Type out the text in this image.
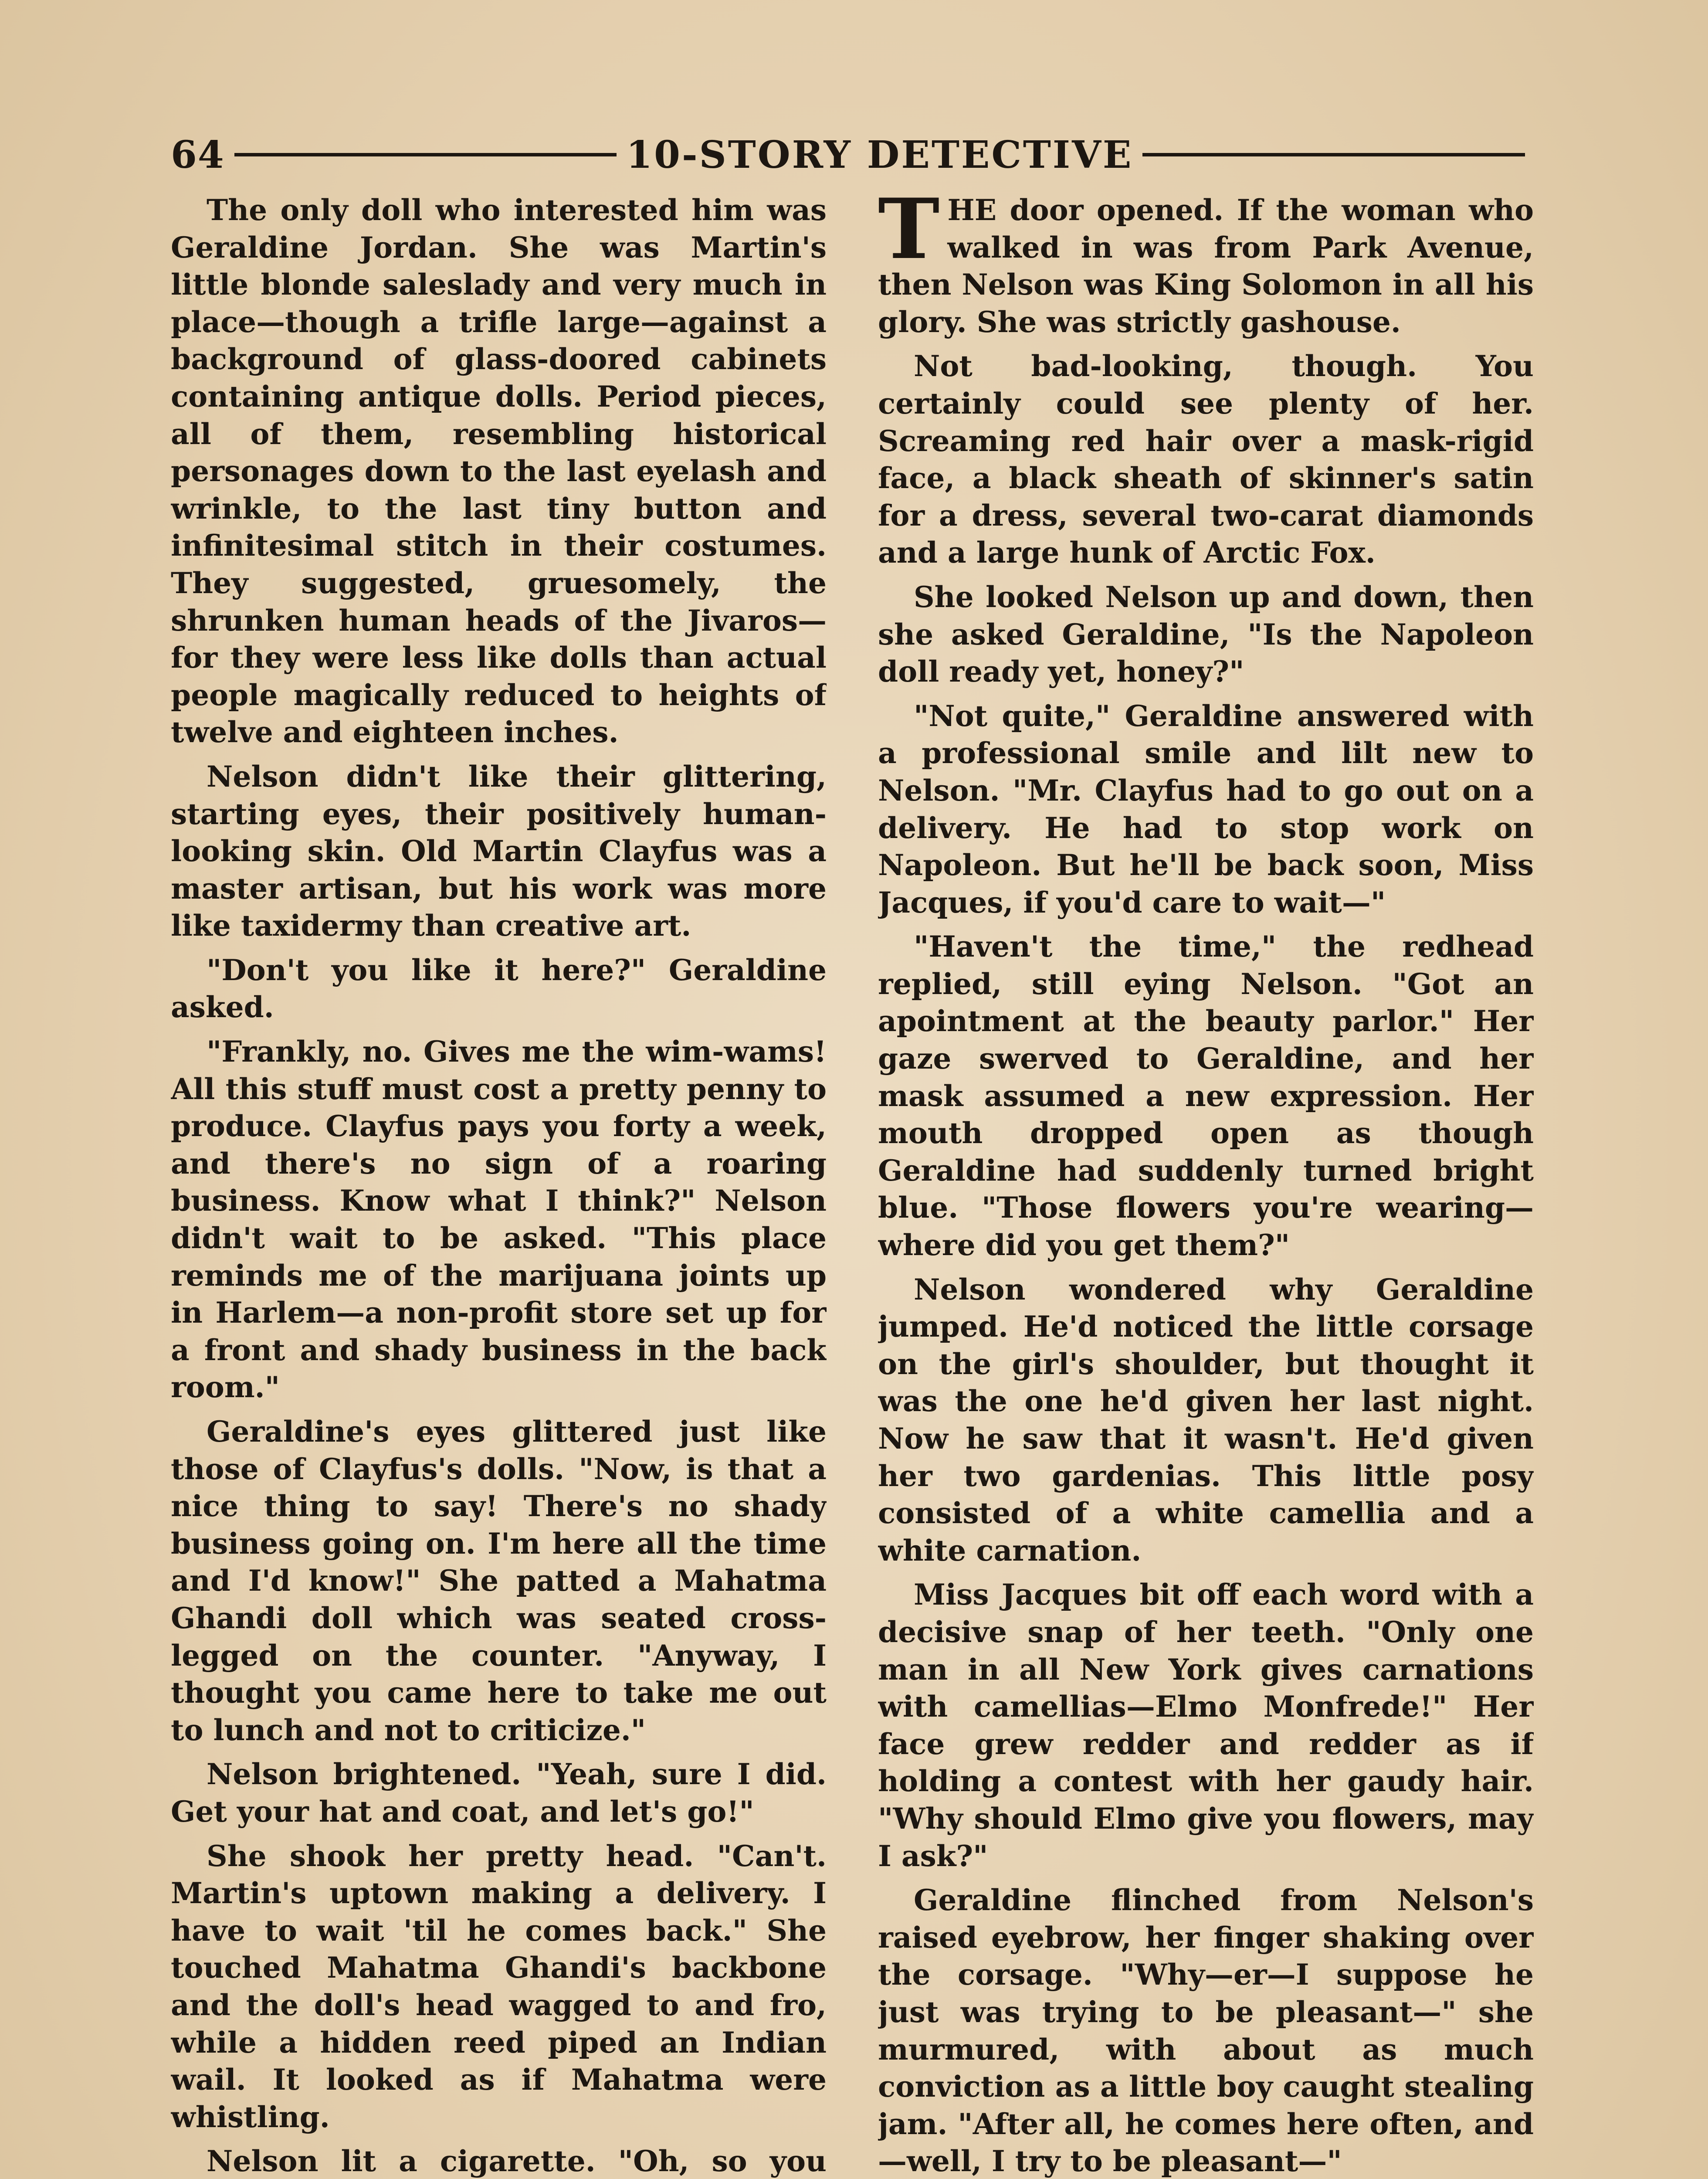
64	10-STORY DETECTIVE

The only doll who interested him was Geraldine Jordan. She was Martin's little blonde saleslady and very much in place—though a trifle large—against a background of glass-doored cabinets containing antique dolls. Period pieces, all of them, resembling historical personages down to the last eyelash and wrinkle, to the last tiny button and infinitesimal stitch in their costumes. They suggested, gruesomely, the shrunken human heads of the Jivaros—for they were less like dolls than actual people magically reduced to heights of twelve and eighteen inches.

Nelson didn't like their glittering, starting eyes, their positively human-looking skin. Old Martin Clayfus was a master artisan, but his work was more like taxidermy than creative art.

"Don't you like it here?" Geraldine asked.

"Frankly, no. Gives me the wim-wams! All this stuff must cost a pretty penny to produce. Clayfus pays you forty a week, and there's no sign of a roaring business. Know what I think?" Nelson didn't wait to be asked. "This place reminds me of the marijuana joints up in Harlem—a non-profit store set up for a front and shady business in the back room."

Geraldine's eyes glittered just like those of Clayfus's dolls. "Now, is that a nice thing to say! There's no shady business going on. I'm here all the time and I'd know!" She patted a Mahatma Ghandi doll which was seated cross-legged on the counter. "Anyway, I thought you came here to take me out to lunch and not to criticize."

Nelson brightened. "Yeah, sure I did. Get your hat and coat, and let's go!"

She shook her pretty head. "Can't. Martin's uptown making a delivery. I have to wait 'til he comes back." She touched Mahatma Ghandi's backbone and the doll's head wagged to and fro, while a hidden reed piped an Indian wail. It looked as if Mahatma were whistling.

Nelson lit a cigarette. "Oh, so you

THE door opened. If the woman who walked in was from Park Avenue, then Nelson was King Solomon in all his glory. She was strictly gashouse.

Not bad-looking, though. You certainly could see plenty of her. Screaming red hair over a mask-rigid face, a black sheath of skinner's satin for a dress, several two-carat diamonds and a large hunk of Arctic Fox.

She looked Nelson up and down, then she asked Geraldine, "Is the Napoleon doll ready yet, honey?"

"Not quite," Geraldine answered with a professional smile and lilt new to Nelson. "Mr. Clayfus had to go out on a delivery. He had to stop work on Napoleon. But he'll be back soon, Miss Jacques, if you'd care to wait—"

"Haven't the time," the redhead replied, still eying Nelson. "Got an apointment at the beauty parlor." Her gaze swerved to Geraldine, and her mask assumed a new expression. Her mouth dropped open as though Geraldine had suddenly turned bright blue. "Those flowers you're wearing—where did you get them?"

Nelson wondered why Geraldine jumped. He'd noticed the little corsage on the girl's shoulder, but thought it was the one he'd given her last night. Now he saw that it wasn't. He'd given her two gardenias. This little posy consisted of a white camellia and a white carnation.

Miss Jacques bit off each word with a decisive snap of her teeth. "Only one man in all New York gives carnations with camellias—Elmo Monfrede!" Her face grew redder and redder as if holding a contest with her gaudy hair. "Why should Elmo give you flowers, may I ask?"

Geraldine flinched from Nelson's raised eyebrow, her finger shaking over the corsage. "Why—er—I suppose he just was trying to be pleasant—" she murmured, with about as much conviction as a little boy caught stealing jam. "After all, he comes here often, and—well, I try to be pleasant—"
